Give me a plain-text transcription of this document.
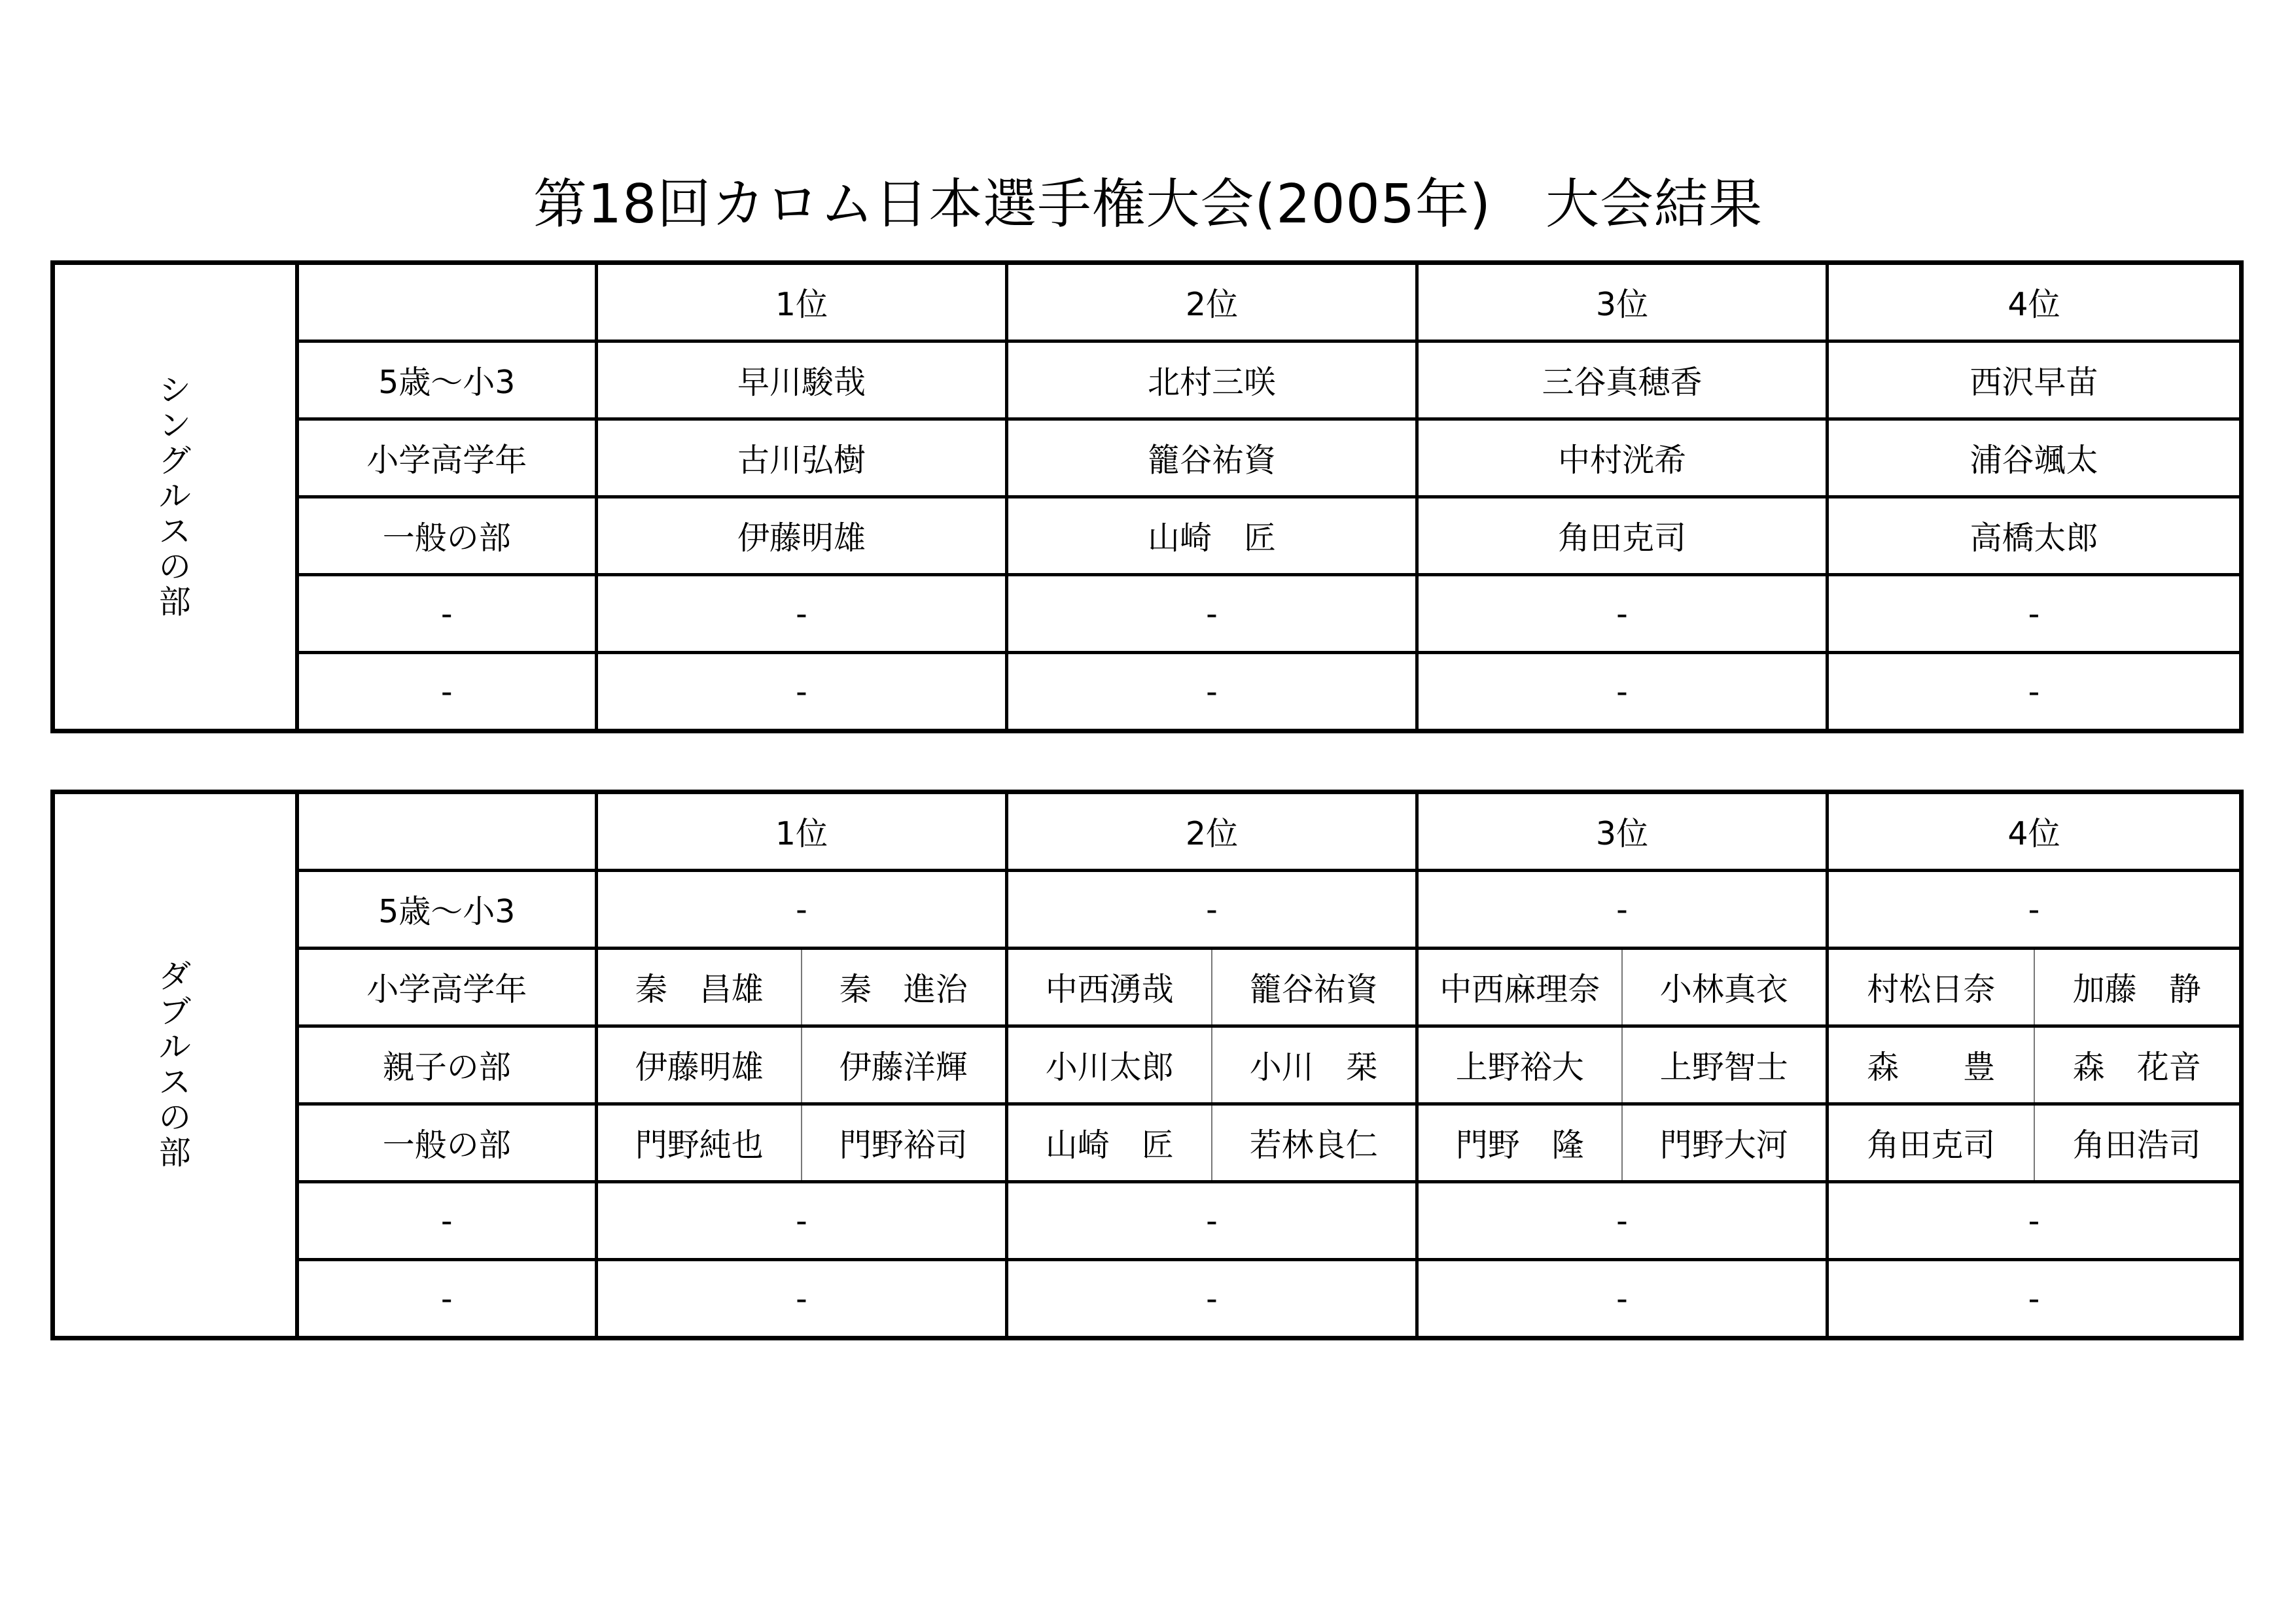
第18回カロム日本選手権大会(2005年)　大会結果
シングルスの部		1位	2位	3位	4位
	5歳～小3	早川駿哉	北村三咲	三谷真穂香	西沢早苗
	小学高学年	古川弘樹	籠谷祐資	中村洸希	浦谷颯太
	一般の部	伊藤明雄	山崎　匠	角田克司	高橋太郎
	-	-	-	-	-
	-	-	-	-	-
ダブルスの部		1位		2位		3位		4位	
	5歳～小3	-		-		-		-	
	小学高学年	秦　昌雄	秦　進治	中西湧哉	籠谷祐資	中西麻理奈	小林真衣	村松日奈	加藤　静
	親子の部	伊藤明雄	伊藤洋輝	小川太郎	小川　栞	上野裕大	上野智士	森　　豊	森　花音
	一般の部	門野純也	門野裕司	山崎　匠	若林良仁	門野　隆	門野大河	角田克司	角田浩司
	-	-		-		-		-	
	-	-		-		-		-	
